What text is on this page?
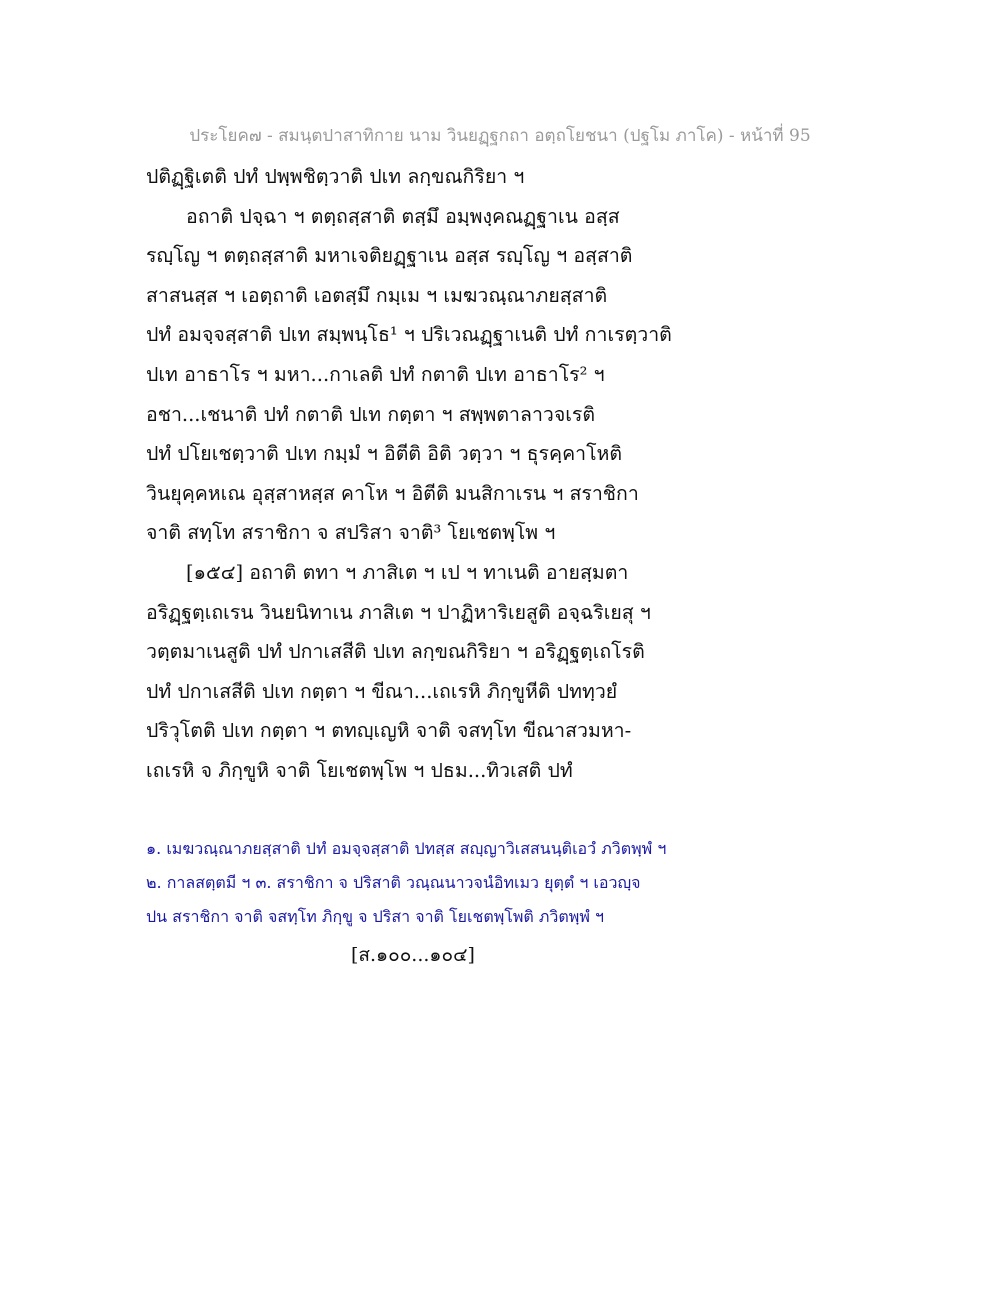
ประโยค๗ - สมนฺตปาสาทิกาย นาม วินยฏฺฐกถา อตฺถโยชนา (ปฐโม ภาโค) - หน้าที่ 95
ปติฏฺฐิเตติ ปทํ ปพฺพชิตฺวาติ ปเท ลกฺขณกิริยา ฯ
อถาติ ปจฺฉา ฯ ตตฺถสฺสาติ ตสฺมึ อมฺพงฺคณฏฺฐาเน อสฺส
รญฺโญ ฯ ตตฺถสฺสาติ มหาเจติยฏฺฐาเน อสฺส รญฺโญ ฯ อสฺสาติ
สาสนสฺส ฯ เอตฺถาติ เอตสฺมึ กมฺเม ฯ เมฆวณฺณาภยสฺสาติ
ปทํ อมจฺจสฺสาติ ปเท สมฺพนฺโธ¹ ฯ ปริเวณฏฺฐาเนติ ปทํ กาเรตฺวาติ
ปเท อาธาโร ฯ มหา...กาเลติ ปทํ กตาติ ปเท อาธาโร² ฯ
อชา...เชนาติ ปทํ กตาติ ปเท กตฺตา ฯ สพฺพตาลาวจเรติ
ปทํ ปโยเชตฺวาติ ปเท กมฺมํ ฯ อิตีติ อิติ วตฺวา ฯ ธุรคฺคาโหติ
วินยุคฺคหเณ อุสฺสาหสฺส คาโห ฯ อิตีติ มนสิกาเรน ฯ สราชิกา
จาติ สทฺโท สราชิกา จ สปริสา จาติ³ โยเชตพฺโพ ฯ
[๑๕๔] อถาติ ตทา ฯ ภาสิเต ฯ เป ฯ ทาเนติ อายสฺมตา
อริฏฺฐตฺเถเรน วินยนิทาเน ภาสิเต ฯ ปาฏิหาริเยสูติ อจฺฉริเยสุ ฯ
วตฺตมาเนสูติ ปทํ ปกาเสสีติ ปเท ลกฺขณกิริยา ฯ อริฏฺฐตฺเถโรติ
ปทํ ปกาเสสีติ ปเท กตฺตา ฯ ขีณา...เถเรหิ ภิกฺขูหีติ ปททฺวยํ
ปริวุโตติ ปเท กตฺตา ฯ ตทญฺเญหิ จาติ จสทฺโท ขีณาสวมหา-
เถเรหิ จ ภิกฺขูหิ จาติ โยเชตพฺโพ ฯ ปธม...ทิวเสติ ปทํ
๑. เมฆวณฺณาภยสฺสาติ ปทํ อมจฺจสฺสาติ ปทสฺส สญฺญาวิเสสนนฺติเอวํ ภวิตพฺพํ ฯ
๒. กาลสตฺตมี ฯ ๓. สราชิกา จ ปริสาติ วณฺณนาวจนํอิทเมว ยุตฺตํ ฯ เอวญฺจ
ปน สราชิกา จาติ จสทฺโท ภิกฺขู จ ปริสา จาติ โยเชตพฺโพติ ภวิตพฺพํ ฯ
[ส.๑๐๐...๑๐๔]
